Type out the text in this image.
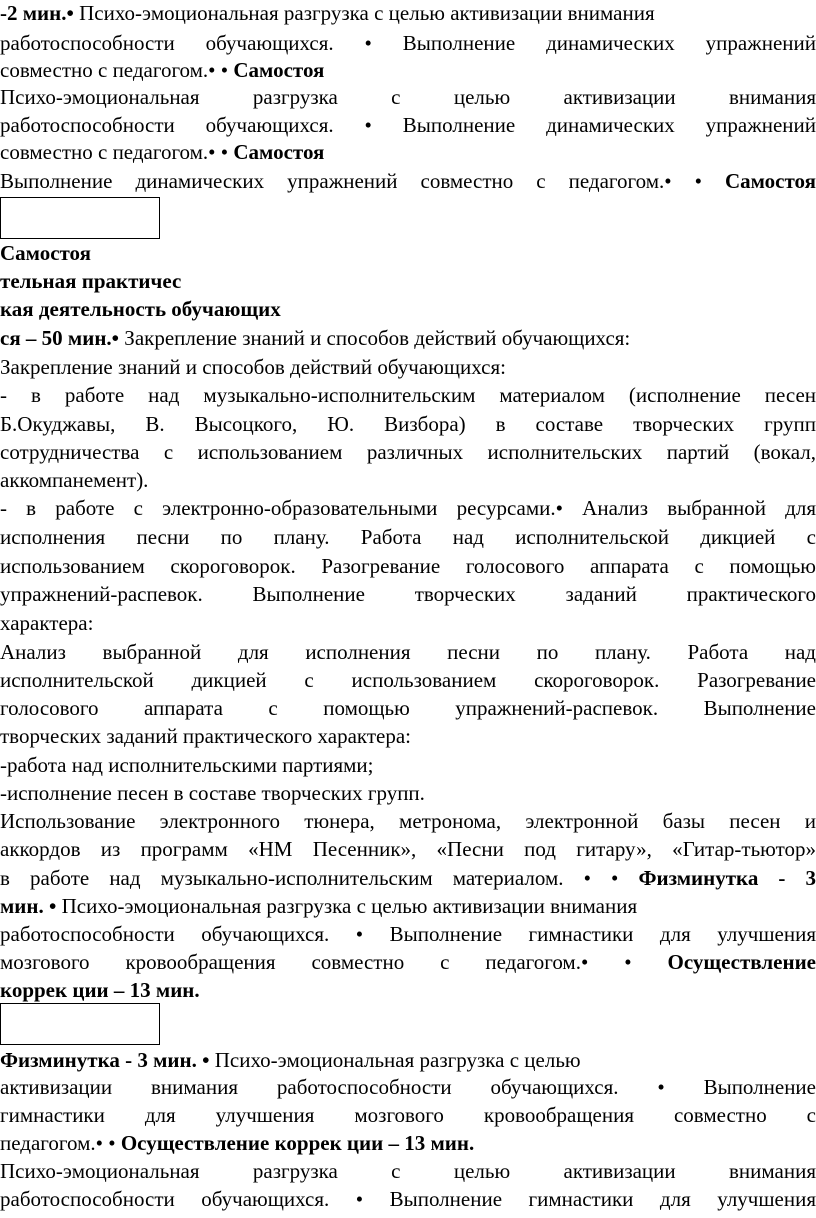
-2 мин.• Психо-эмоциональная разгрузка с целью активизации внимания
работоспособности обучающихся. • Выполнение динамических упражнений
совместно с педагогом.• • Самостоя
Психо-эмоциональная разгрузка с целью активизации внимания
работоспособности обучающихся. • Выполнение динамических упражнений
совместно с педагогом.• • Самостоя
Выполнение динамических упражнений совместно с педагогом.• • Самостоя
Самостоя
тельная практичес
кая деятельность обучающих
ся – 50 мин.• Закрепление знаний и способов действий обучающихся:
Закрепление знаний и способов действий обучающихся:
- в работе над музыкально-исполнительским материалом (исполнение песен
Б.Окуджавы, В. Высоцкого, Ю. Визбора) в составе творческих групп
сотрудничества с использованием различных исполнительских партий (вокал,
аккомпанемент).
- в работе с электронно-образовательными ресурсами.• Анализ выбранной для
исполнения песни по плану. Работа над исполнительской дикцией с
использованием скороговорок. Разогревание голосового аппарата с помощью
упражнений-распевок. Выполнение творческих заданий практического
характера:
Анализ выбранной для исполнения песни по плану. Работа над
исполнительской дикцией с использованием скороговорок. Разогревание
голосового аппарата с помощью упражнений-распевок. Выполнение
творческих заданий практического характера:
-работа над исполнительскими партиями;
-исполнение песен в составе творческих групп.
Использование электронного тюнера, метронома, электронной базы песен и
аккордов из программ «НМ Песенник», «Песни под гитару», «Гитар-тьютор»
в работе над музыкально-исполнительским материалом. • • Физминутка - 3
мин. • Психо-эмоциональная разгрузка с целью активизации внимания
работоспособности обучающихся. • Выполнение гимнастики для улучшения
мозгового кровообращения совместно с педагогом.• • Осуществление
коррек ции – 13 мин.
Физминутка - 3 мин. • Психо-эмоциональная разгрузка с целью
активизации внимания работоспособности обучающихся. • Выполнение
гимнастики для улучшения мозгового кровообращения совместно с
педагогом.• • Осуществление коррек ции – 13 мин.
Психо-эмоциональная разгрузка с целью активизации внимания
работоспособности обучающихся. • Выполнение гимнастики для улучшения
